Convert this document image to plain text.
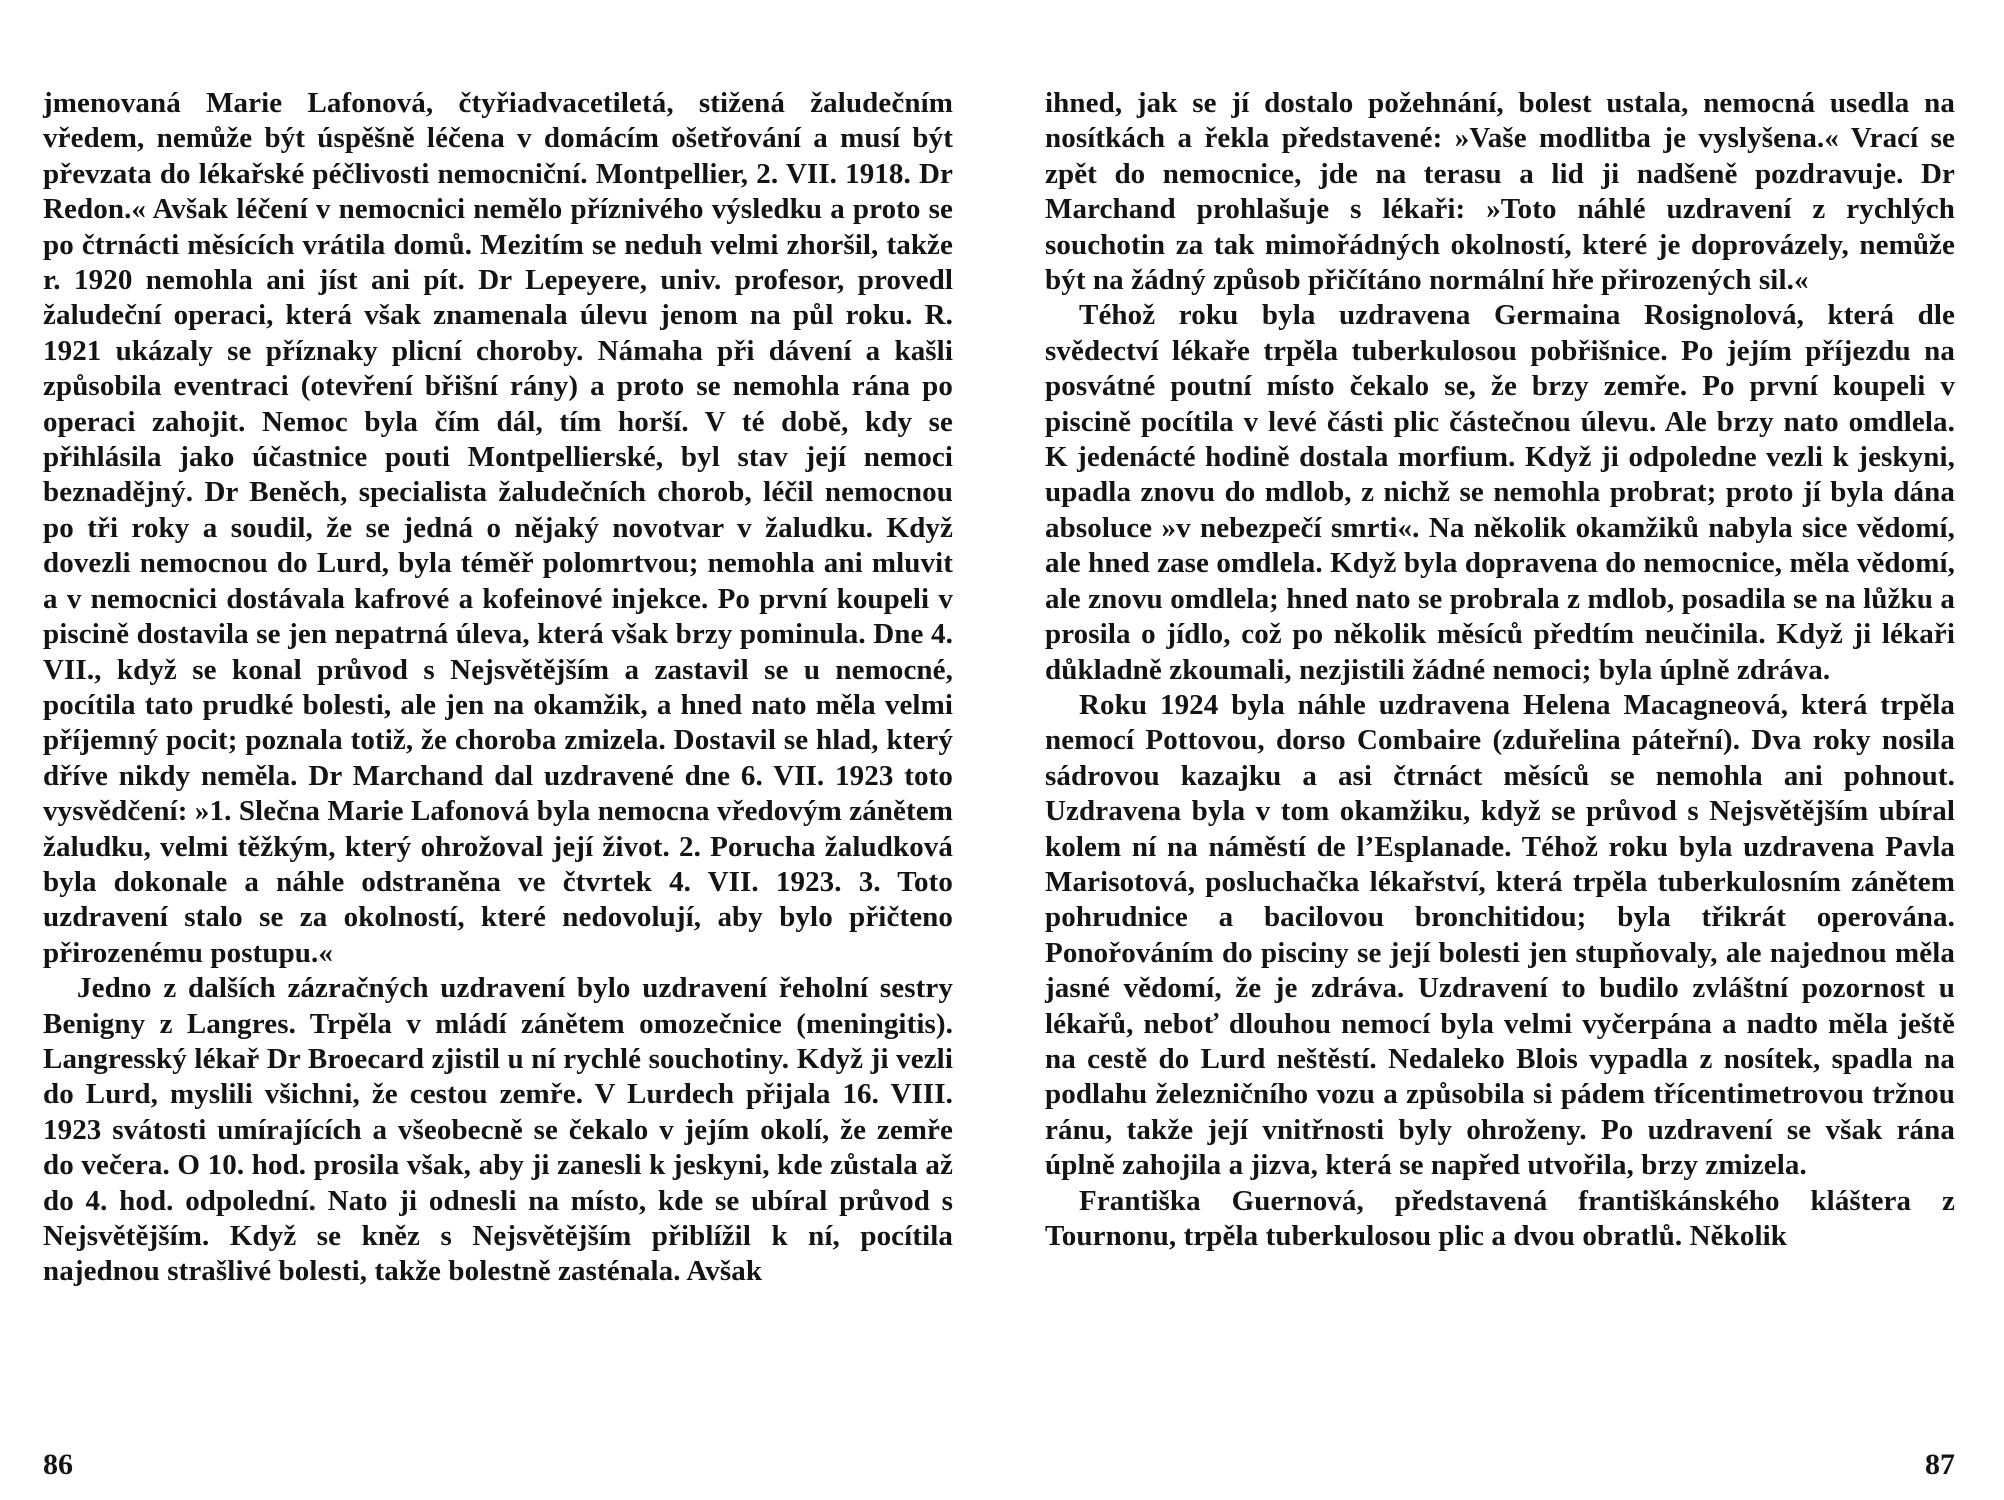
jmenovaná Marie Lafonová, čtyřiadvacetiletá, stižená žaludečním vředem, nemůže být úspěšně léčena v domácím ošetřování a musí být převzata do lékařské péčlivosti nemocniční. Montpellier, 2. VII. 1918. Dr Redon.« Avšak léčení v nemocnici nemělo příznivého výsledku a proto se po čtrnácti měsících vrátila domů. Mezitím se neduh velmi zhoršil, takže r. 1920 nemohla ani jíst ani pít. Dr Lepeyere, univ. profesor, provedl žaludeční operaci, která však znamenala úlevu jenom na půl roku. R. 1921 ukázaly se příznaky plicní choroby. Námaha při dávení a kašli způsobila eventraci (otevření břišní rány) a proto se nemohla rána po operaci zahojit. Nemoc byla čím dál, tím horší. V té době, kdy se přihlásila jako účastnice pouti Montpellierské, byl stav její nemoci beznadějný. Dr Beněch, specialista žaludečních chorob, léčil nemocnou po tři roky a soudil, že se jedná o nějaký novotvar v žaludku. Když dovezli nemocnou do Lurd, byla téměř polomrtvou; nemohla ani mluvit a v nemocnici dostávala kafrové a kofeinové injekce. Po první koupeli v piscině dostavila se jen nepatrná úleva, která však brzy pominula. Dne 4. VII., když se konal průvod s Nejsvětějším a zastavil se u nemocné, pocítila tato prudké bolesti, ale jen na okamžik, a hned nato měla velmi příjemný pocit; poznala totiž, že choroba zmizela. Dostavil se hlad, který dříve nikdy neměla. Dr Marchand dal uzdravené dne 6. VII. 1923 toto vysvědčení: »1. Slečna Marie Lafonová byla nemocna vředovým zánětem žaludku, velmi těžkým, který ohrožoval její život. 2. Porucha žaludková byla dokonale a náhle odstraněna ve čtvrtek 4. VII. 1923. 3. Toto uzdravení stalo se za okolností, které nedovolují, aby bylo přičteno přirozenému postupu.«

Jedno z dalších zázračných uzdravení bylo uzdravení řeholní sestry Benigny z Langres. Trpěla v mládí zánětem omozečnice (meningitis). Langresský lékař Dr Broecard zjistil u ní rychlé souchotiny. Když ji vezli do Lurd, myslili všichni, že cestou zemře. V Lurdech přijala 16. VIII. 1923 svátosti umírajících a všeobecně se čekalo v jejím okolí, že zemře do večera. O 10. hod. prosila však, aby ji zanesli k jeskyni, kde zůstala až do 4. hod. odpolední. Nato ji odnesli na místo, kde se ubíral průvod s Nejsvětějším. Když se kněz s Nejsvětějším přiblížil k ní, pocítila najednou strašlivé bolesti, takže bolestně zasténala. Avšak

86

ihned, jak se jí dostalo požehnání, bolest ustala, nemocná usedla na nosítkách a řekla představené: »Vaše modlitba je vyslyšena.« Vrací se zpět do nemocnice, jde na terasu a lid ji nadšeně pozdravuje. Dr Marchand prohlašuje s lékaři: »Toto náhlé uzdravení z rychlých souchotin za tak mimořádných okolností, které je doprovázely, nemůže být na žádný způsob přičítáno normální hře přirozených sil.«

Téhož roku byla uzdravena Germaina Rosignolová, která dle svědectví lékaře trpěla tuberkulosou pobřišnice. Po jejím příjezdu na posvátné poutní místo čekalo se, že brzy zemře. Po první koupeli v piscině pocítila v levé části plic částečnou úlevu. Ale brzy nato omdlela. K jedenácté hodině dostala morfium. Když ji odpoledne vezli k jeskyni, upadla znovu do mdlob, z nichž se nemohla probrat; proto jí byla dána absoluce »v nebezpečí smrti«. Na několik okamžiků nabyla sice vědomí, ale hned zase omdlela. Když byla dopravena do nemocnice, měla vědomí, ale znovu omdlela; hned nato se probrala z mdlob, posadila se na lůžku a prosila o jídlo, což po několik měsíců předtím neučinila. Když ji lékaři důkladně zkoumali, nezjistili žádné nemoci; byla úplně zdráva.

Roku 1924 byla náhle uzdravena Helena Macagneová, která trpěla nemocí Pottovou, dorso Combaire (zduřelina páteřní). Dva roky nosila sádrovou kazajku a asi čtrnáct měsíců se nemohla ani pohnout. Uzdravena byla v tom okamžiku, když se průvod s Nejsvětějším ubíral kolem ní na náměstí de l’Esplanade. Téhož roku byla uzdravena Pavla Marisotová, posluchačka lékařství, která trpěla tuberkulosním zánětem pohrudnice a bacilovou bronchitidou; byla třikrát operována. Ponořováním do pisciny se její bolesti jen stupňovaly, ale najednou měla jasné vědomí, že je zdráva. Uzdravení to budilo zvláštní pozornost u lékařů, neboť dlouhou nemocí byla velmi vyčerpána a nadto měla ještě na cestě do Lurd neštěstí. Nedaleko Blois vypadla z nosítek, spadla na podlahu železničního vozu a způsobila si pádem třícentimetrovou tržnou ránu, takže její vnitřnosti byly ohroženy. Po uzdravení se však rána úplně zahojila a jizva, která se napřed utvořila, brzy zmizela.

Františka Guernová, představená františkánského kláštera z Tournonu, trpěla tuberkulosou plic a dvou obratlů. Několik

87
